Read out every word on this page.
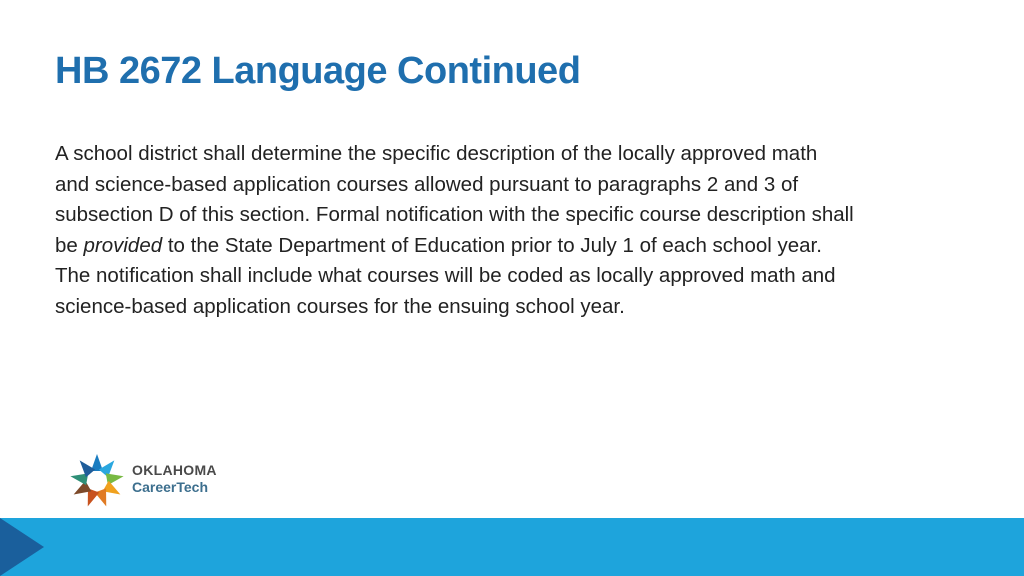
HB 2672 Language Continued
A school district shall determine the specific description of the locally approved math and science-based application courses allowed pursuant to paragraphs 2 and 3 of subsection D of this section. Formal notification with the specific course description shall be provided to the State Department of Education prior to July 1 of each school year. The notification shall include what courses will be coded as locally approved math and science-based application courses for the ensuing school year.
OKLAHOMA
CareerTech
